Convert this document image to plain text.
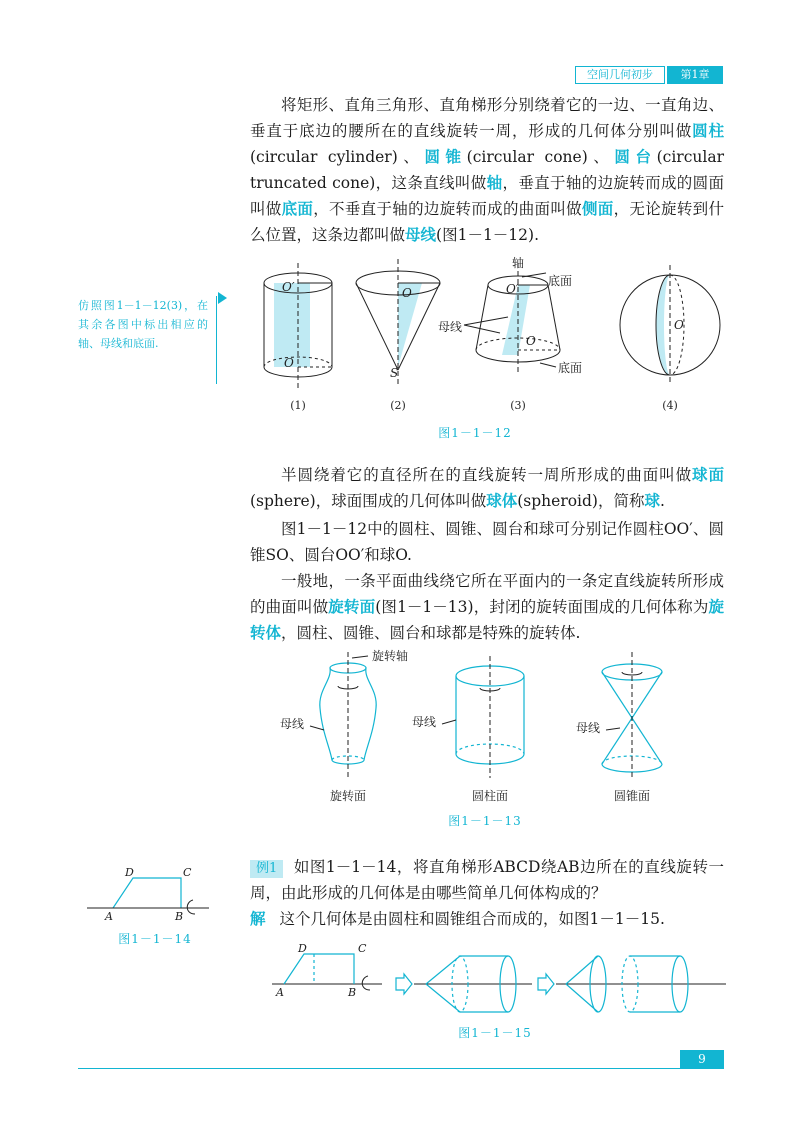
空间几何初步	第1章
将矩形、直角三角形、直角梯形分别绕着它的一边、一直角边、垂直于底边的腰所在的直线旋转一周，形成的几何体分别叫做圆柱(circular cylinder)、圆锥(circular cone)、圆台(circular truncated cone)，这条直线叫做轴，垂直于轴的边旋转而成的圆面叫做底面，不垂直于轴的边旋转而成的曲面叫做侧面，无论旋转到什么位置，这条边都叫做母线(图1－1－12).
仿照图1－1－12(3)，在其余各图中标出相应的轴、母线和底面.
O′
O
O
S
轴
底面
O′
母线
O
底面
O
(1)	(2)	(3)	(4)
图1－1－12
半圆绕着它的直径所在的直线旋转一周所形成的曲面叫做球面(sphere)，球面围成的几何体叫做球体(spheroid)，简称球.
图1－1－12中的圆柱、圆锥、圆台和球可分别记作圆柱OO′、圆锥SO、圆台OO′和球O.
一般地，一条平面曲线绕它所在平面内的一条定直线旋转所形成的曲面叫做旋转面(图1－1－13)，封闭的旋转面围成的几何体称为旋转体，圆柱、圆锥、圆台和球都是特殊的旋转体.
旋转轴
母线	母线	母线
旋转面	圆柱面	圆锥面
图1－1－13
D	C
A	B
图1－1－14
例1 如图1－1－14，将直角梯形ABCD绕AB边所在的直线旋转一周，由此形成的几何体是由哪些简单几何体构成的？
解 这个几何体是由圆柱和圆锥组合而成的，如图1－1－15.
D	C
A	B
图1－1－15
9
